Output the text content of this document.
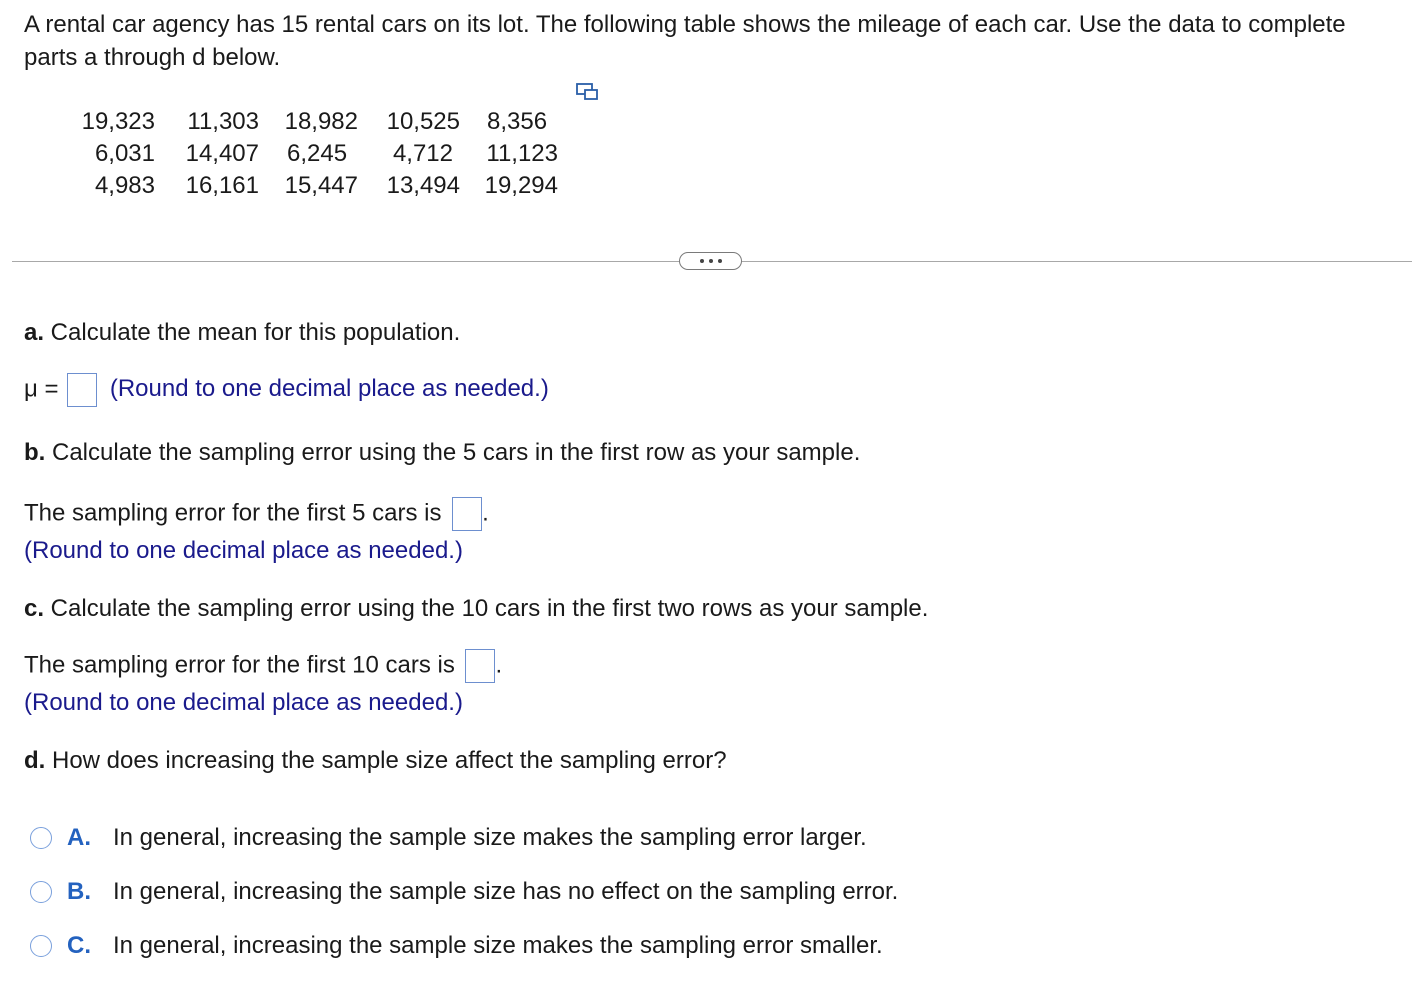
A rental car agency has 15 rental cars on its lot. The following table shows the mileage of each car. Use the data to complete parts a through d below.
19,323	11,303	18,982	10,525	8,356
6,031	14,407	6,245	4,712	11,123
4,983	16,161	15,447	13,494	19,294
a. Calculate the mean for this population.
μ = (Round to one decimal place as needed.)
b. Calculate the sampling error using the 5 cars in the first row as your sample.
The sampling error for the first 5 cars is .
(Round to one decimal place as needed.)
c. Calculate the sampling error using the 10 cars in the first two rows as your sample.
The sampling error for the first 10 cars is .
(Round to one decimal place as needed.)
d. How does increasing the sample size affect the sampling error?
A. In general, increasing the sample size makes the sampling error larger.
B. In general, increasing the sample size has no effect on the sampling error.
C. In general, increasing the sample size makes the sampling error smaller.
